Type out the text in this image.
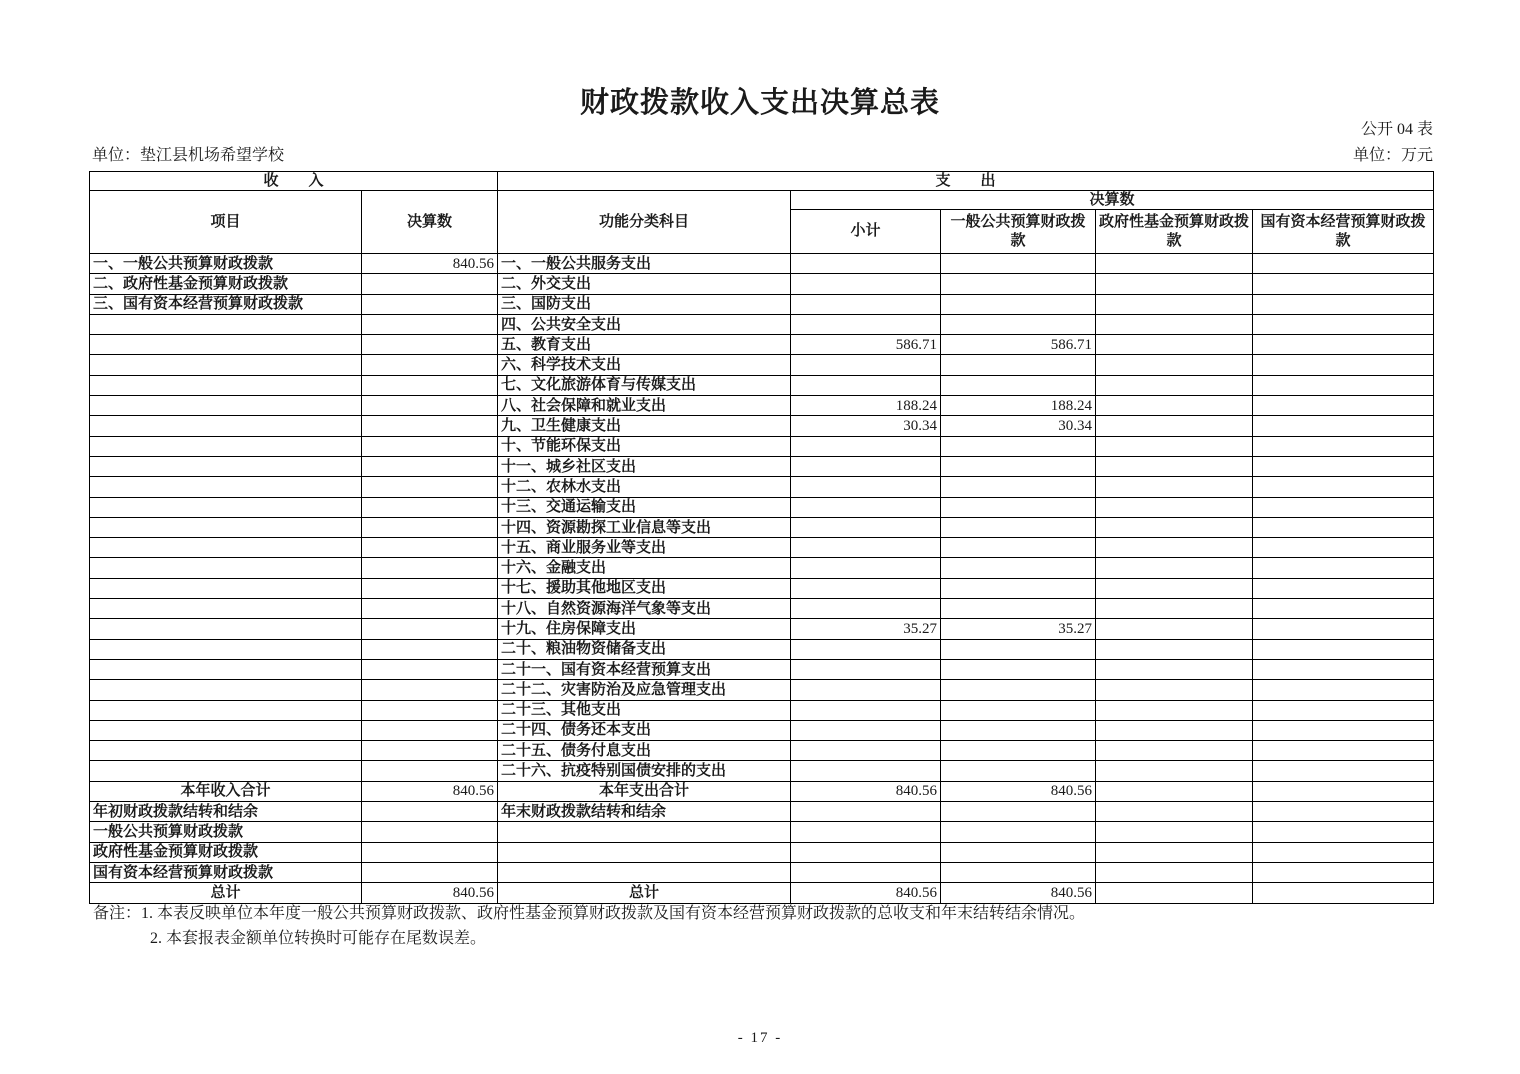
财政拨款收入支出决算总表
公开 04 表
单位：垫江县机场希望学校	单位：万元
收　　入		支　　出				
项目	决算数	功能分类科目	决算数			
			小计	一般公共预算财政拨款	政府性基金预算财政拨款	国有资本经营预算财政拨款
一、一般公共预算财政拨款	840.56	一、一般公共服务支出				
二、政府性基金预算财政拨款		二、外交支出				
三、国有资本经营预算财政拨款		三、国防支出				
		四、公共安全支出				
		五、教育支出	586.71	586.71		
		六、科学技术支出				
		七、文化旅游体育与传媒支出				
		八、社会保障和就业支出	188.24	188.24		
		九、卫生健康支出	30.34	30.34		
		十、节能环保支出				
		十一、城乡社区支出				
		十二、农林水支出				
		十三、交通运输支出				
		十四、资源勘探工业信息等支出				
		十五、商业服务业等支出				
		十六、金融支出				
		十七、援助其他地区支出				
		十八、自然资源海洋气象等支出				
		十九、住房保障支出	35.27	35.27		
		二十、粮油物资储备支出				
		二十一、国有资本经营预算支出				
		二十二、灾害防治及应急管理支出				
		二十三、其他支出				
		二十四、债务还本支出				
		二十五、债务付息支出				
		二十六、抗疫特别国债安排的支出				
本年收入合计	840.56	本年支出合计	840.56	840.56		
年初财政拨款结转和结余		年末财政拨款结转和结余				
一般公共预算财政拨款						
政府性基金预算财政拨款						
国有资本经营预算财政拨款						
总计	840.56	总计	840.56	840.56		
备注：1. 本表反映单位本年度一般公共预算财政拨款、政府性基金预算财政拨款及国有资本经营预算财政拨款的总收支和年末结转结余情况。
2. 本套报表金额单位转换时可能存在尾数误差。
- 17 -
